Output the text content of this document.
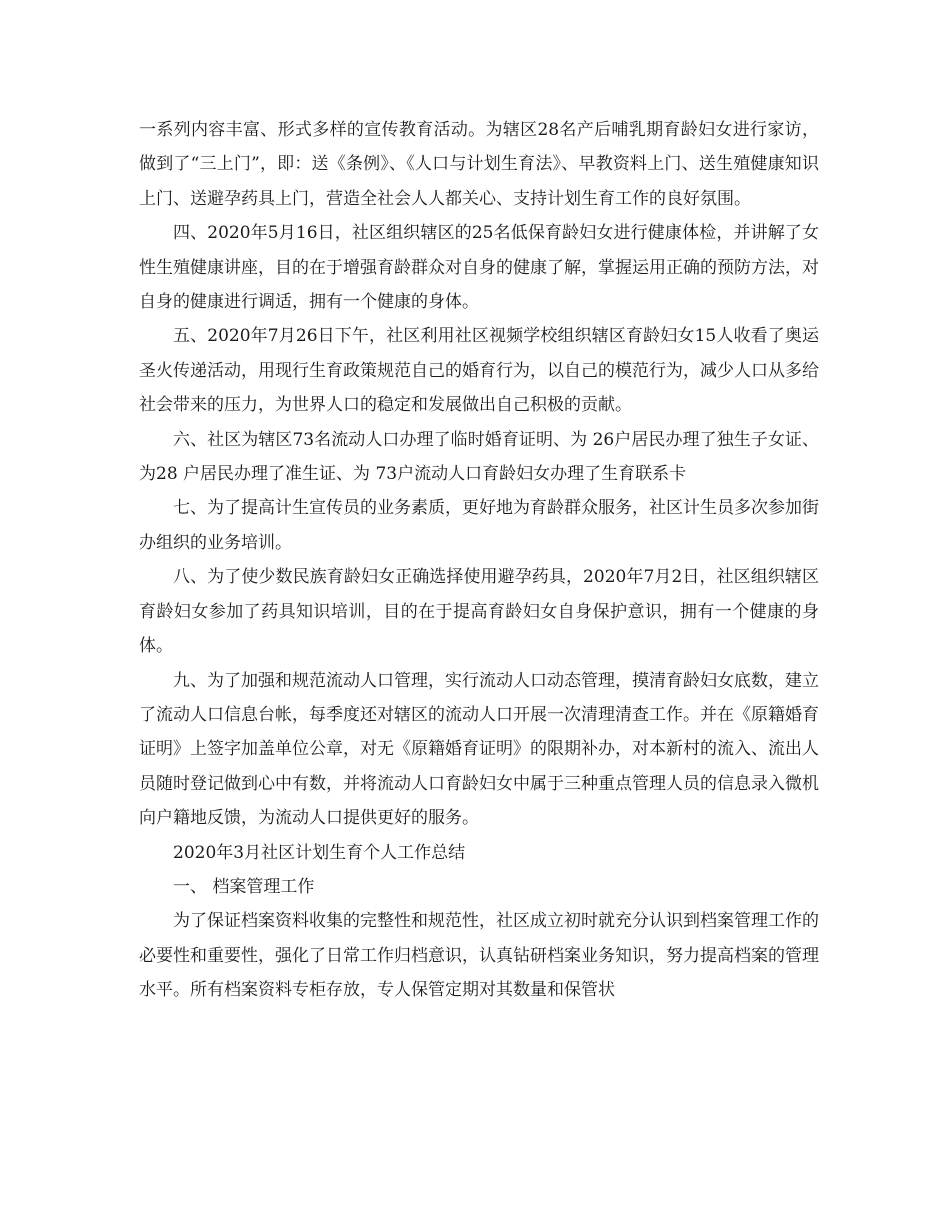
一系列内容丰富、形式多样的宣传教育活动。为辖区28名产后哺乳期育龄妇女进行家访，做到了“三上门”，即：送《条例》、《人口与计划生育法》、早教资料上门、送生殖健康知识上门、送避孕药具上门，营造全社会人人都关心、支持计划生育工作的良好氛围。

四、2020年5月16日，社区组织辖区的25名低保育龄妇女进行健康体检，并讲解了女性生殖健康讲座，目的在于增强育龄群众对自身的健康了解，掌握运用正确的预防方法，对自身的健康进行调适，拥有一个健康的身体。

五、2020年7月26日下午，社区利用社区视频学校组织辖区育龄妇女15人收看了奥运圣火传递活动，用现行生育政策规范自己的婚育行为，以自己的模范行为，减少人口从多给社会带来的压力，为世界人口的稳定和发展做出自己积极的贡献。

六、社区为辖区73名流动人口办理了临时婚育证明、为 26户居民办理了独生子女证、为28 户居民办理了准生证、为 73户流动人口育龄妇女办理了生育联系卡

七、为了提高计生宣传员的业务素质，更好地为育龄群众服务，社区计生员多次参加街办组织的业务培训。

八、为了使少数民族育龄妇女正确选择使用避孕药具，2020年7月2日，社区组织辖区育龄妇女参加了药具知识培训，目的在于提高育龄妇女自身保护意识，拥有一个健康的身体。

九、为了加强和规范流动人口管理，实行流动人口动态管理，摸清育龄妇女底数，建立了流动人口信息台帐，每季度还对辖区的流动人口开展一次清理清查工作。并在《原籍婚育证明》上签字加盖单位公章，对无《原籍婚育证明》的限期补办，对本新村的流入、流出人员随时登记做到心中有数，并将流动人口育龄妇女中属于三种重点管理人员的信息录入微机向户籍地反馈，为流动人口提供更好的服务。

2020年3月社区计划生育个人工作总结

一、 档案管理工作

为了保证档案资料收集的完整性和规范性，社区成立初时就充分认识到档案管理工作的必要性和重要性，强化了日常工作归档意识，认真钻研档案业务知识，努力提高档案的管理水平。所有档案资料专柜存放，专人保管定期对其数量和保管状
